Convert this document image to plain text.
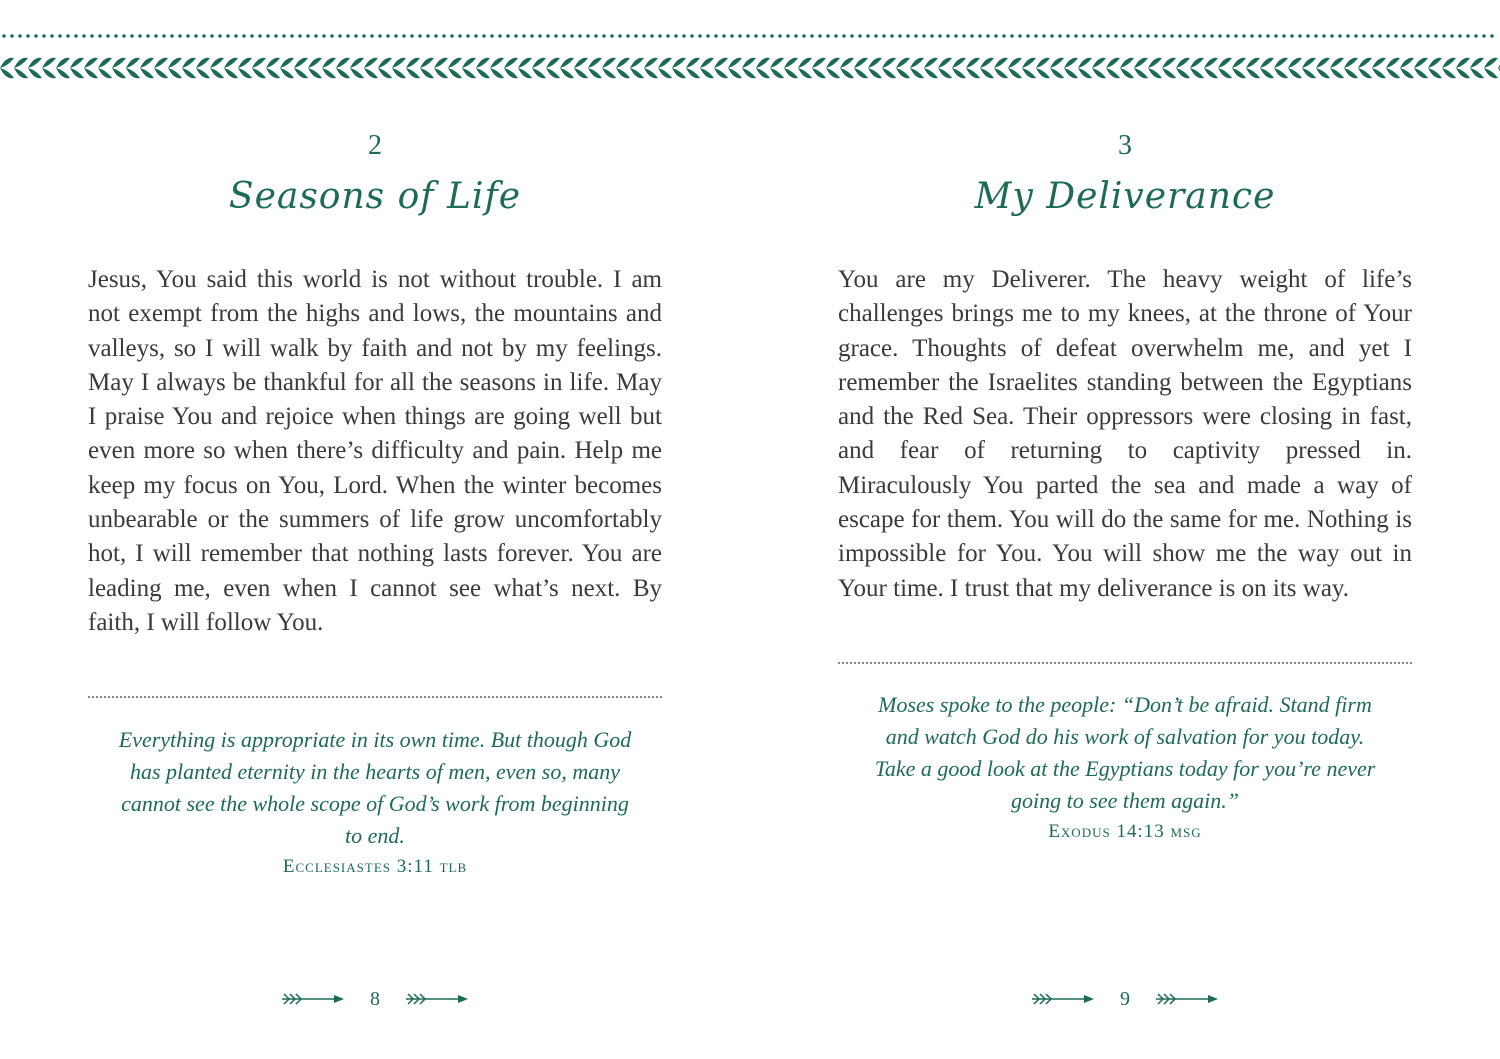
2
Seasons of Life

Jesus, You said this world is not without trouble. I am not exempt from the highs and lows, the mountains and valleys, so I will walk by faith and not by my feelings. May I always be thankful for all the seasons in life. May I praise You and rejoice when things are going well but even more so when there’s difficulty and pain. Help me keep my focus on You, Lord. When the winter becomes unbearable or the summers of life grow uncomfortably hot, I will remember that nothing lasts forever. You are leading me, even when I cannot see what’s next. By faith, I will follow You.

Everything is appropriate in its own time. But though God has planted eternity in the hearts of men, even so, many cannot see the whole scope of God’s work from beginning to end.

Ecclesiastes 3:11 tlb
8
3
My Deliverance

You are my Deliverer. The heavy weight of life’s challenges brings me to my knees, at the throne of Your grace. Thoughts of defeat overwhelm me, and yet I remember the Israelites standing between the Egyptians and the Red Sea. Their oppressors were closing in fast, and fear of returning to captivity pressed in. Miraculously You parted the sea and made a way of escape for them. You will do the same for me. Nothing is impossible for You. You will show me the way out in Your time. I trust that my deliverance is on its way.

Moses spoke to the people: “Don’t be afraid. Stand firm and watch God do his work of salvation for you today. Take a good look at the Egyptians today for you’re never going to see them again.”

Exodus 14:13 msg
9
